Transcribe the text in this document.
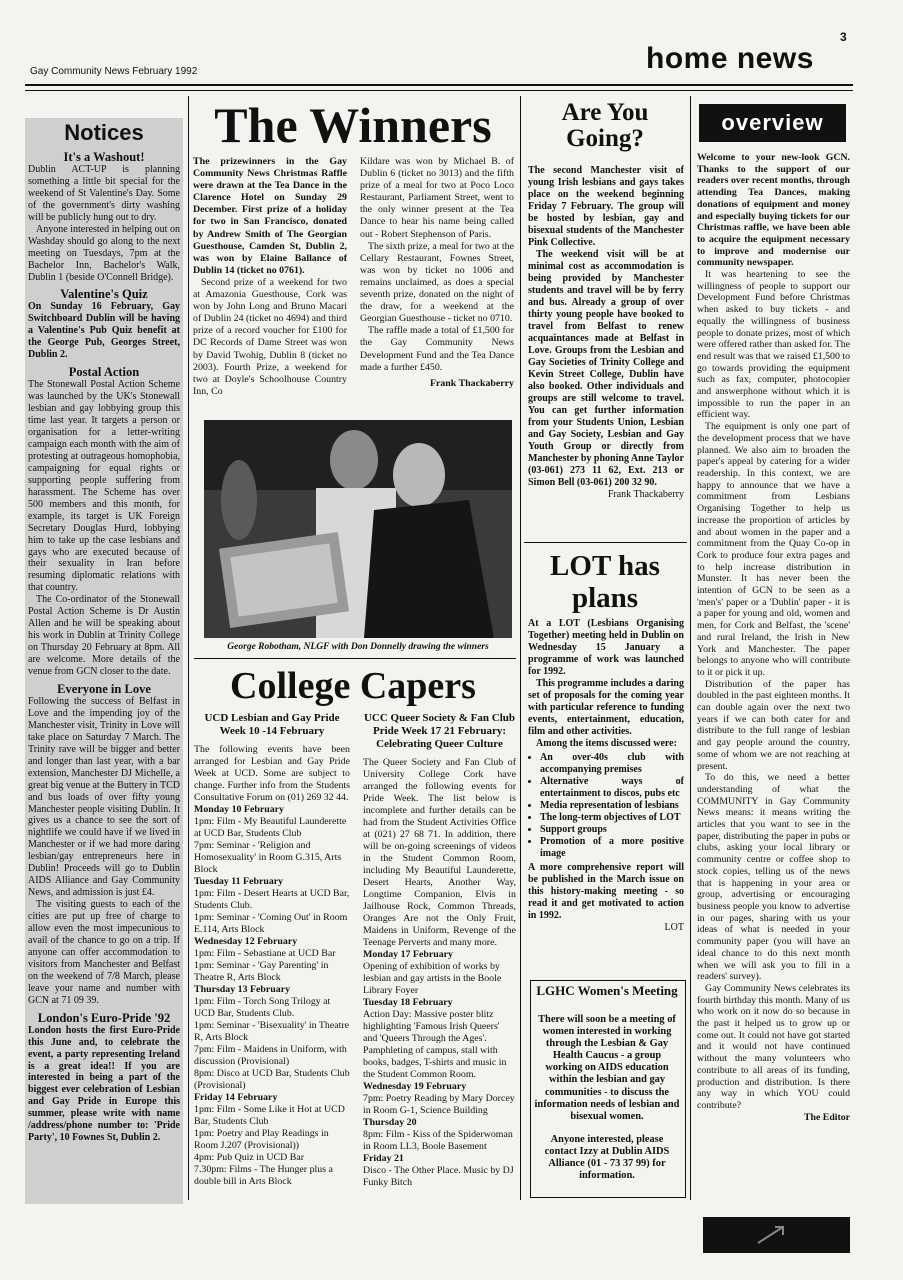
3
Gay Community News February 1992	home news
Notices

It's a Washout!

Dublin ACT-UP is planning something a little bit special for the weekend of St Valentine's Day. Some of the government's dirty washing will be publicly hung out to dry.

Anyone interested in helping out on Washday should go along to the next meeting on Tuesdays, 7pm at the Bachelor Inn, Bachelor's Walk, Dublin 1 (beside O'Connell Bridge).

Valentine's Quiz

On Sunday 16 February, Gay Switchboard Dublin will be having a Valentine's Pub Quiz benefit at the George Pub, Georges Street, Dublin 2.

Postal Action

The Stonewall Postal Action Scheme was launched by the UK's Stonewall lesbian and gay lobbying group this time last year. It targets a person or organisation for a letter-writing campaign each month with the aim of protesting at outrageous homophobia, campaigning for equal rights or supporting people suffering from harassment. The Scheme has over 500 members and this month, for example, its target is UK Foreign Secretary Douglas Hurd, lobbying him to take up the case lesbians and gays who are executed because of their sexuality in Iran before resuming diplomatic relations with that country.

The Co-ordinator of the Stonewall Postal Action Scheme is Dr Austin Allen and he will be speaking about his work in Dublin at Trinity College on Thursday 20 February at 8pm. All are welcome. More details of the venue from GCN closer to the date.

Everyone in Love

Following the success of Belfast in Love and the impending joy of the Manchester visit, Trinity in Love will take place on Saturday 7 March. The Trinity rave will be bigger and better and longer than last year, with a bar extension, Manchester DJ Michelle, a great big venue at the Buttery in TCD and bus loads of over fifty young Manchester people visiting Dublin. It gives us a chance to see the sort of nightlife we could have if we lived in Manchester or if we had more daring lesbian/gay entrepreneurs here in Dublin! Proceeds will go to Dublin AIDS Alliance and Gay Community News, and admission is just £4.

The visiting guests to each of the cities are put up free of charge to allow even the most impecunious to avail of the chance to go on a trip. If anyone can offer accommodation to visitors from Manchester and Belfast on the weekend of 7/8 March, please leave your name and number with GCN at 71 09 39.

London's Euro-Pride '92

London hosts the first Euro-Pride this June and, to celebrate the event, a party representing Ireland is a great idea!! If you are interested in being a part of the biggest ever celebration of Lesbian and Gay Pride in Europe this summer, please write with name /address/phone number to: 'Pride Party', 10 Fownes St, Dublin 2.

The Winners

The prizewinners in the Gay Community News Christmas Raffle were drawn at the Tea Dance in the Clarence Hotel on Sunday 29 December. First prize of a holiday for two in San Francisco, donated by Andrew Smith of The Georgian Guesthouse, Camden St, Dublin 2, was won by Elaine Ballance of Dublin 14 (ticket no 0761).

Second prize of a weekend for two at Amazonia Guesthouse, Cork was won by John Long and Bruno Macari of Dublin 24 (ticket no 4694) and third prize of a record voucher for £100 for DC Records of Dame Street was won by David Twohig, Dublin 8 (ticket no 2003). Fourth Prize, a weekend for two at Doyle's Schoolhouse Country Inn, Co

Kildare was won by Michael B. of Dublin 6 (ticket no 3013) and the fifth prize of a meal for two at Poco Loco Restaurant, Parliament Street, went to the only winner present at the Tea Dance to hear his name being called out - Robert Stephenson of Paris.

The sixth prize, a meal for two at the Cellary Restaurant, Fownes Street, was won by ticket no 1006 and remains unclaimed, as does a special seventh prize, donated on the night of the draw, for a weekend at the Georgian Guesthouse - ticket no 0710.

The raffle made a total of £1,500 for the Gay Community News Development Fund and the Tea Dance made a further £450.

Frank Thackaberry

George Robotham, NLGF with Don Donnelly drawing the winners
College Capers

UCD Lesbian and Gay Pride Week 10 -14 February

The following events have been arranged for Lesbian and Gay Pride Week at UCD. Some are subject to change. Further info from the Students Consultative Forum on (01) 269 32 44.

Monday 10 February

1pm: Film - My Beautiful Launderette at UCD Bar, Students Club

7pm: Seminar - 'Religion and Homosexuality' in Room G.315, Arts Block

Tuesday 11 February

1pm: Film - Desert Hearts at UCD Bar, Students Club.

1pm: Seminar - 'Coming Out' in Room E.114, Arts Block

Wednesday 12 February

1pm: Film - Sebastiane at UCD Bar

1pm: Seminar - 'Gay Parenting' in Theatre R, Arts Block

Thursday 13 February

1pm: Film - Torch Song Trilogy at UCD Bar, Students Club.

1pm: Seminar - 'Bisexuality' in Theatre R, Arts Block

7pm: Film - Maidens in Uniform, with discussion (Provisional)

8pm: Disco at UCD Bar, Students Club (Provisional)

Friday 14 February

1pm: Film - Some Like it Hot at UCD Bar, Students Club

1pm: Poetry and Play Readings in Room J.207 (Provisional))

4pm: Pub Quiz in UCD Bar

7.30pm: Films - The Hunger plus a double bill in Arts Block

UCC Queer Society & Fan Club Pride Week 17 21 February: Celebrating Queer Culture

The Queer Society and Fan Club of University College Cork have arranged the following events for Pride Week. The list below is incomplete and further details can be had from the Student Activities Office at (021) 27 68 71. In addition, there will be on-going screenings of videos in the Student Common Room, including My Beautiful Launderette, Desert Hearts, Another Way, Longtime Companion, Elvis in Jailhouse Rock, Common Threads, Oranges Are not the Only Fruit, Maidens in Uniform, Revenge of the Teenage Perverts and many more.

Monday 17 February

Opening of exhibition of works by lesbian and gay artists in the Boole Library Foyer

Tuesday 18 February

Action Day: Massive poster blitz highlighting 'Famous Irish Queers' and 'Queers Through the Ages'. Pamphleting of campus, stall with books, badges, T-shirts and music in the Student Common Room.

Wednesday 19 February

7pm: Poetry Reading by Mary Dorcey in Room G-1, Science Building

Thursday 20

8pm: Film - Kiss of the Spiderwoman in Room LL3, Boole Basement

Friday 21

Disco - The Other Place. Music by DJ Funky Bitch

Are You Going?

The second Manchester visit of young Irish lesbians and gays takes place on the weekend beginning Friday 7 February. The group will be hosted by lesbian, gay and bisexual students of the Manchester Pink Collective.

The weekend visit will be at minimal cost as accommodation is being provided by Manchester students and travel will be by ferry and bus. Already a group of over thirty young people have booked to travel from Belfast to renew acquaintances made at Belfast in Love. Groups from the Lesbian and Gay Societies of Trinity College and Kevin Street College, Dublin have also booked. Other individuals and groups are still welcome to travel. You can get further information from your Students Union, Lesbian and Gay Society, Lesbian and Gay Youth Group or directly from Manchester by phoning Anne Taylor (03-061) 273 11 62, Ext. 213 or Simon Bell (03-061) 200 32 90.

Frank Thackaberry

LOT has plans

At a LOT (Lesbians Organising Together) meeting held in Dublin on Wednesday 15 January a programme of work was launched for 1992.

This programme includes a daring set of proposals for the coming year with particular reference to funding events, entertainment, education, film and other activities.

Among the items discussed were:

• An over-40s club with accompanying premises
• Alternative ways of entertainment to discos, pubs etc
• Media representation of lesbians
• The long-term objectives of LOT
• Support groups
• Promotion of a more positive image

A more comprehensive report will be published in the March issue on this history-making meeting - so read it and get motivated to action in 1992.

LOT

LGHC Women's Meeting
There will soon be a meeting of women interested in working through the Lesbian & Gay Health Caucus - a group working on AIDS education within the lesbian and gay communities - to discuss the information needs of lesbian and bisexual women.
Anyone interested, please contact Izzy at Dublin AIDS Alliance (01 - 73 37 99) for information.
overview

Welcome to your new-look GCN. Thanks to the support of our readers over recent months, through attending Tea Dances, making donations of equipment and money and especially buying tickets for our Christmas raffle, we have been able to acquire the equipment necessary to improve and modernise our community newspaper.

It was heartening to see the willingness of people to support our Development Fund before Christmas when asked to buy tickets - and equally the willingness of business people to donate prizes, most of which were offered rather than asked for. The end result was that we raised £1,500 to go towards providing the equipment such as fax, computer, photocopier and answerphone without which it is impossible to run the paper in an efficient way.

The equipment is only one part of the development process that we have planned. We also aim to broaden the paper's appeal by catering for a wider readership. In this context, we are happy to announce that we have a commitment from Lesbians Organising Together to help us increase the proportion of articles by and about women in the paper and a commitment from the Quay Co-op in Cork to produce four extra pages and to help increase distribution in Munster. It has never been the intention of GCN to be seen as a 'men's' paper or a 'Dublin' paper - it is a paper for young and old, women and men, for Cork and Belfast, the 'scene' and rural Ireland, the Irish in New York and Manchester. The paper belongs to anyone who will contribute to it or pick it up.

Distribution of the paper has doubled in the past eighteen months. It can double again over the next two years if we can both cater for and distribute to the full range of lesbian and gay people around the country, some of whom we are not reaching at present.

To do this, we need a better understanding of what the COMMUNITY in Gay Community News means: it means writing the articles that you want to see in the paper, distributing the paper in pubs or clubs, asking your local library or community centre or coffee shop to stock copies, telling us of the news that is happening in your area or group, advertising or encouraging business people you know to advertise in our pages, sharing with us your ideas of what is needed in your community paper (you will have an ideal chance to do this next month when we will ask you to fill in a readers' survey).

Gay Community News celebrates its fourth birthday this month. Many of us who work on it now do so because in the past it helped us to grow up or come out. It could not have got started and it would not have continued without the many volunteers who contribute to all areas of its funding, production and distribution. Is there any way in which YOU could contribute?

The Editor
